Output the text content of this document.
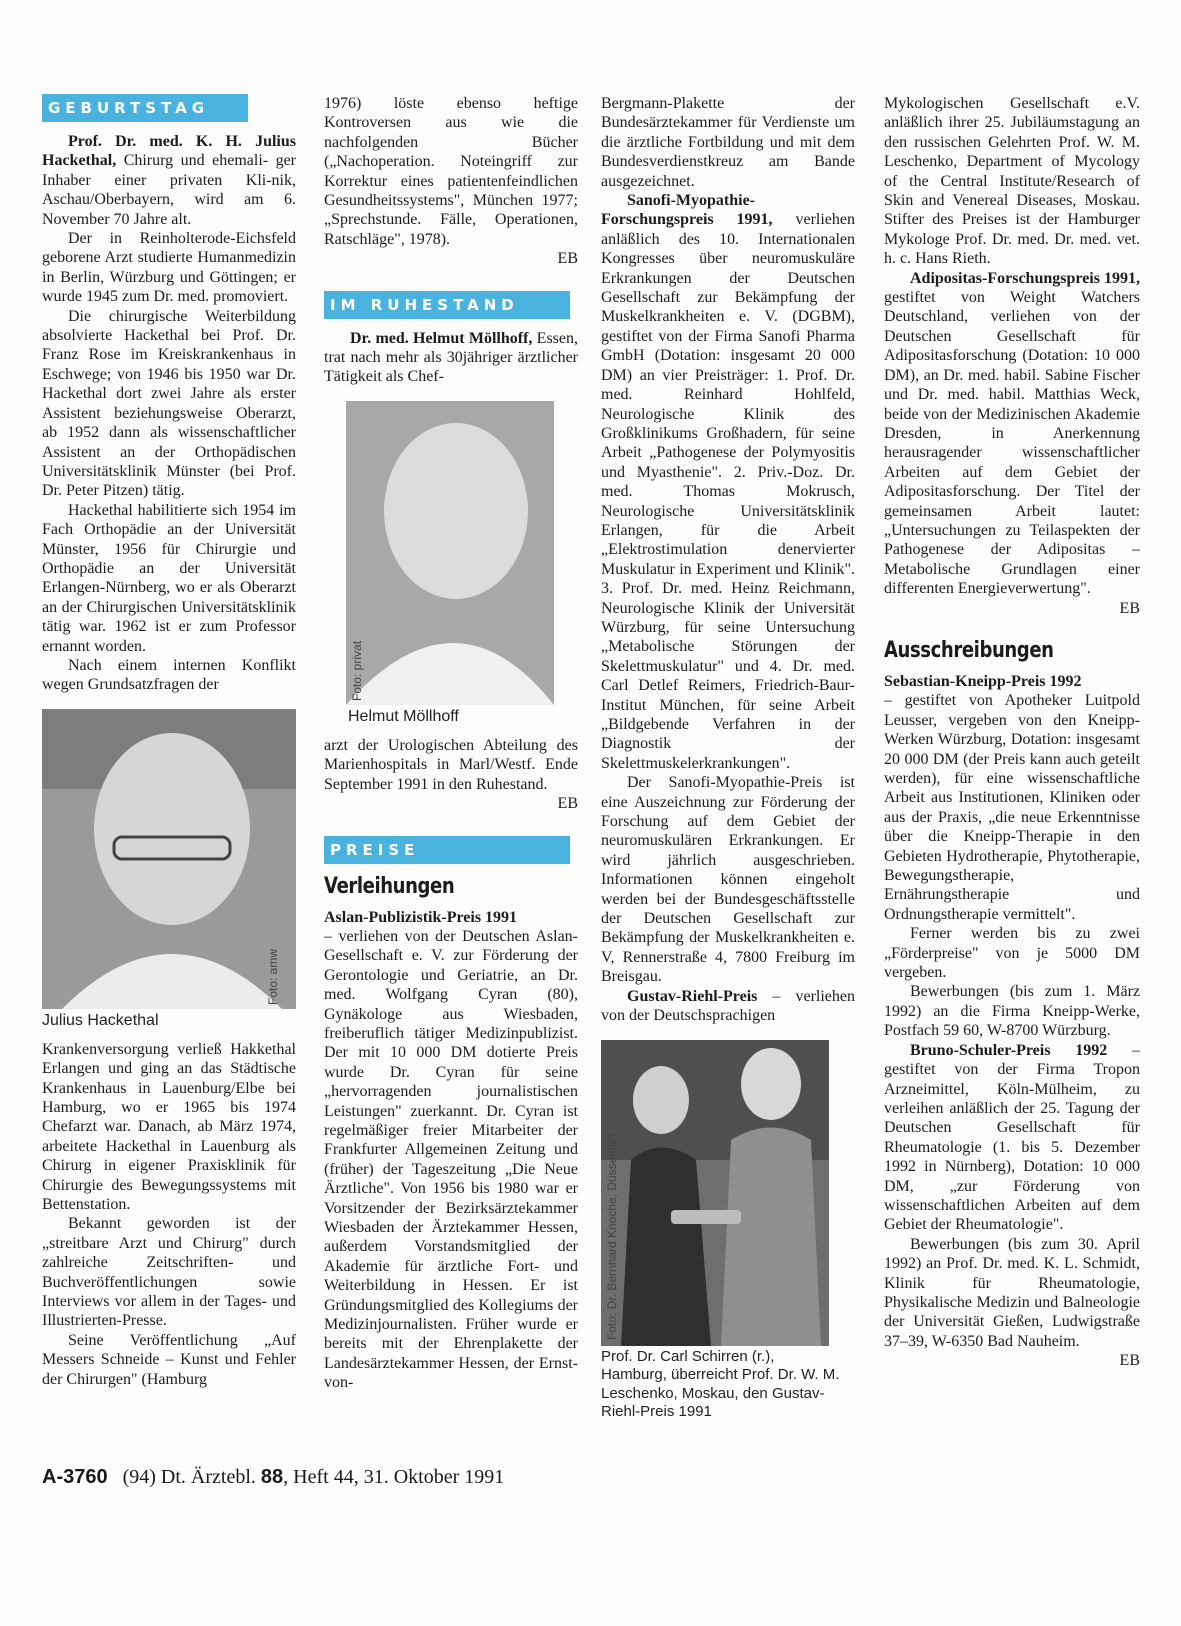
GEBURTSTAG

Prof. Dr. med. K. H. Julius Hackethal, Chirurg und ehemali- ger Inhaber einer privaten Kli-nik, Aschau/Oberbayern, wird am 6. November 70 Jahre alt.

Der in Reinholterode-Eichsfeld geborene Arzt studierte Humanmedizin in Berlin, Würzburg und Göttingen; er wurde 1945 zum Dr. med. promoviert.

Die chirurgische Weiterbildung absolvierte Hackethal bei Prof. Dr. Franz Rose im Kreiskrankenhaus in Eschwege; von 1946 bis 1950 war Dr. Hackethal dort zwei Jahre als erster Assistent beziehungsweise Oberarzt, ab 1952 dann als wissenschaftlicher Assistent an der Orthopädischen Universitätsklinik Münster (bei Prof. Dr. Peter Pitzen) tätig.

Hackethal habilitierte sich 1954 im Fach Orthopädie an der Universität Münster, 1956 für Chirurgie und Orthopädie an der Universität Erlangen-Nürnberg, wo er als Oberarzt an der Chirurgischen Universitätsklinik tätig war. 1962 ist er zum Professor ernannt worden.

Nach einem internen Konflikt wegen Grundsatzfragen der

Foto: amw
Julius Hackethal

Krankenversorgung verließ Hakkethal Erlangen und ging an das Städtische Krankenhaus in Lauenburg/Elbe bei Hamburg, wo er 1965 bis 1974 Chefarzt war. Danach, ab März 1974, arbeitete Hackethal in Lauenburg als Chirurg in eigener Praxisklinik für Chirurgie des Bewegungssystems mit Bettenstation.

Bekannt geworden ist der „streitbare Arzt und Chirurg" durch zahlreiche Zeitschriften- und Buchveröffentlichungen sowie Interviews vor allem in der Tages- und Illustrierten-Presse.

Seine Veröffentlichung „Auf Messers Schneide – Kunst und Fehler der Chirurgen" (Hamburg

1976) löste ebenso heftige Kontroversen aus wie die nachfolgenden Bücher („Nachoperation. Noteingriff zur Korrektur eines patientenfeindlichen Gesundheitssystems", München 1977; „Sprechstunde. Fälle, Operationen, Ratschläge", 1978).
EB

IM RUHESTAND

Dr. med. Helmut Möllhoff, Essen, trat nach mehr als 30jähriger ärztlicher Tätigkeit als Chef-

Foto: privat
Helmut Möllhoff

arzt der Urologischen Abteilung des Marienhospitals in Marl/Westf. Ende September 1991 in den Ruhestand.
EB

PREISE
Verleihungen

Aslan-Publizistik-Preis 1991

– verliehen von der Deutschen Aslan-Gesellschaft e. V. zur Förderung der Gerontologie und Geriatrie, an Dr. med. Wolfgang Cyran (80), Gynäkologe aus Wiesbaden, freiberuflich tätiger Medizinpublizist. Der mit 10 000 DM dotierte Preis wurde Dr. Cyran für seine „hervorragenden journalistischen Leistungen" zuerkannt. Dr. Cyran ist regelmäßiger freier Mitarbeiter der Frankfurter Allgemeinen Zeitung und (früher) der Tageszeitung „Die Neue Ärztliche". Von 1956 bis 1980 war er Vorsitzender der Bezirksärztekammer Wiesbaden der Ärztekammer Hessen, außerdem Vorstandsmitglied der Akademie für ärztliche Fort- und Weiterbildung in Hessen. Er ist Gründungsmitglied des Kollegiums der Medizinjournalisten. Früher wurde er bereits mit der Ehrenplakette der Landesärztekammer Hessen, der Ernst-von-

Bergmann-Plakette der Bundesärztekammer für Verdienste um die ärztliche Fortbildung und mit dem Bundesverdienstkreuz am Bande ausgezeichnet.

Sanofi-Myopathie-Forschungspreis 1991, verliehen anläßlich des 10. Internationalen Kongresses über neuromuskuläre Erkrankungen der Deutschen Gesellschaft zur Bekämpfung der Muskelkrankheiten e. V. (DGBM), gestiftet von der Firma Sanofi Pharma GmbH (Dotation: insgesamt 20 000 DM) an vier Preisträger: 1. Prof. Dr. med. Reinhard Hohlfeld, Neurologische Klinik des Großklinikums Großhadern, für seine Arbeit „Pathogenese der Polymyositis und Myasthenie". 2. Priv.-Doz. Dr. med. Thomas Mokrusch, Neurologische Universitätsklinik Erlangen, für die Arbeit „Elektrostimulation denervierter Muskulatur in Experiment und Klinik". 3. Prof. Dr. med. Heinz Reichmann, Neurologische Klinik der Universität Würzburg, für seine Untersuchung „Metabolische Störungen der Skelettmuskulatur" und 4. Dr. med. Carl Detlef Reimers, Friedrich-Baur-Institut München, für seine Arbeit „Bildgebende Verfahren in der Diagnostik der Skelettmuskelerkrankungen".

Der Sanofi-Myopathie-Preis ist eine Auszeichnung zur Förderung der Forschung auf dem Gebiet der neuromuskulären Erkrankungen. Er wird jährlich ausgeschrieben. Informationen können eingeholt werden bei der Bundesgeschäftsstelle der Deutschen Gesellschaft zur Bekämpfung der Muskelkrankheiten e. V, Rennerstraße 4, 7800 Freiburg im Breisgau.

Gustav-Riehl-Preis – verliehen von der Deutschsprachigen

Foto: Dr. Bernhard Knoche, Düsseldorf
Prof. Dr. Carl Schirren (r.), Hamburg, überreicht Prof. Dr. W. M. Leschenko, Moskau, den Gustav-Riehl-Preis 1991

Mykologischen Gesellschaft e.V. anläßlich ihrer 25. Jubiläumstagung an den russischen Gelehrten Prof. W. M. Leschenko, Department of Mycology of the Central Institute/Research of Skin and Venereal Diseases, Moskau. Stifter des Preises ist der Hamburger Mykologe Prof. Dr. med. Dr. med. vet. h. c. Hans Rieth.

Adipositas-Forschungspreis 1991, gestiftet von Weight Watchers Deutschland, verliehen von der Deutschen Gesellschaft für Adipositasforschung (Dotation: 10 000 DM), an Dr. med. habil. Sabine Fischer und Dr. med. habil. Matthias Weck, beide von der Medizinischen Akademie Dresden, in Anerkennung herausragender wissenschaftlicher Arbeiten auf dem Gebiet der Adipositasforschung. Der Titel der gemeinsamen Arbeit lautet: „Untersuchungen zu Teilaspekten der Pathogenese der Adipositas – Metabolische Grundlagen einer differenten Energieverwertung".
EB

Ausschreibungen

Sebastian-Kneipp-Preis 1992

– gestiftet von Apotheker Luitpold Leusser, vergeben von den Kneipp-Werken Würzburg, Dotation: insgesamt 20 000 DM (der Preis kann auch geteilt werden), für eine wissenschaftliche Arbeit aus Institutionen, Kliniken oder aus der Praxis, „die neue Erkenntnisse über die Kneipp-Therapie in den Gebieten Hydrotherapie, Phytotherapie, Bewegungstherapie, Ernährungstherapie und Ordnungstherapie vermittelt".

Ferner werden bis zu zwei „Förderpreise" von je 5000 DM vergeben.

Bewerbungen (bis zum 1. März 1992) an die Firma Kneipp-Werke, Postfach 59 60, W-8700 Würzburg.

Bruno-Schuler-Preis 1992 – gestiftet von der Firma Tropon Arzneimittel, Köln-Mülheim, zu verleihen anläßlich der 25. Tagung der Deutschen Gesellschaft für Rheumatologie (1. bis 5. Dezember 1992 in Nürnberg), Dotation: 10 000 DM, „zur Förderung von wissenschaftlichen Arbeiten auf dem Gebiet der Rheumatologie".

Bewerbungen (bis zum 30. April 1992) an Prof. Dr. med. K. L. Schmidt, Klinik für Rheumatologie, Physikalische Medizin und Balneologie der Universität Gießen, Ludwigstraße 37–39, W-6350 Bad Nauheim.
EB

A-3760 (94) Dt. Ärztebl. 88, Heft 44, 31. Oktober 1991
